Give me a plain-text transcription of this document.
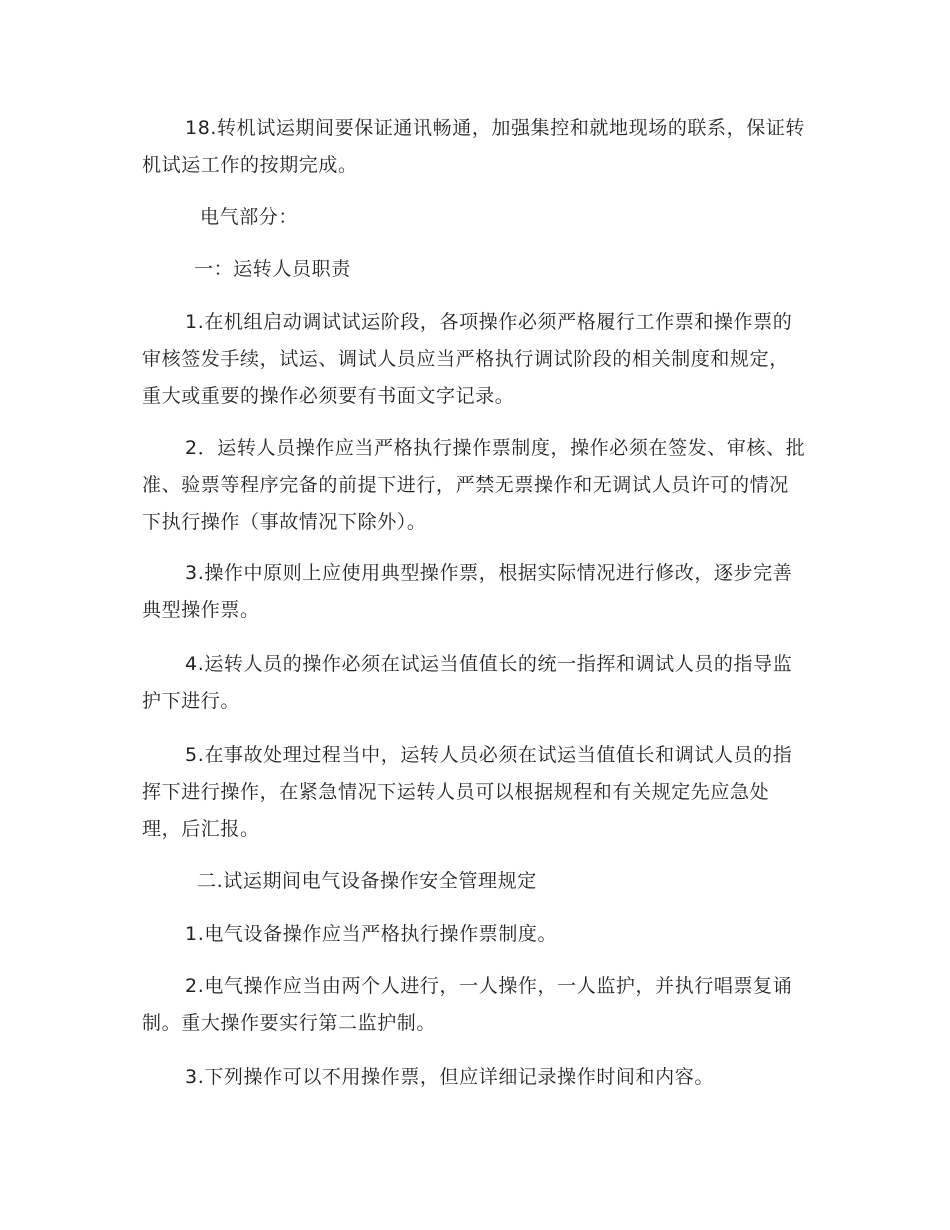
18.转机试运期间要保证通讯畅通，加强集控和就地现场的联系，保证转机试运工作的按期完成。

电气部分：

一：运转人员职责

1.在机组启动调试试运阶段，各项操作必须严格履行工作票和操作票的审核签发手续，试运、调试人员应当严格执行调试阶段的相关制度和规定，重大或重要的操作必须要有书面文字记录。

2．运转人员操作应当严格执行操作票制度，操作必须在签发、审核、批准、验票等程序完备的前提下进行，严禁无票操作和无调试人员许可的情况下执行操作（事故情况下除外）。

3.操作中原则上应使用典型操作票，根据实际情况进行修改，逐步完善典型操作票。

4.运转人员的操作必须在试运当值值长的统一指挥和调试人员的指导监护下进行。

5.在事故处理过程当中，运转人员必须在试运当值值长和调试人员的指挥下进行操作，在紧急情况下运转人员可以根据规程和有关规定先应急处理，后汇报。

二.试运期间电气设备操作安全管理规定

1.电气设备操作应当严格执行操作票制度。

2.电气操作应当由两个人进行，一人操作，一人监护，并执行唱票复诵制。重大操作要实行第二监护制。

3.下列操作可以不用操作票，但应详细记录操作时间和内容。
